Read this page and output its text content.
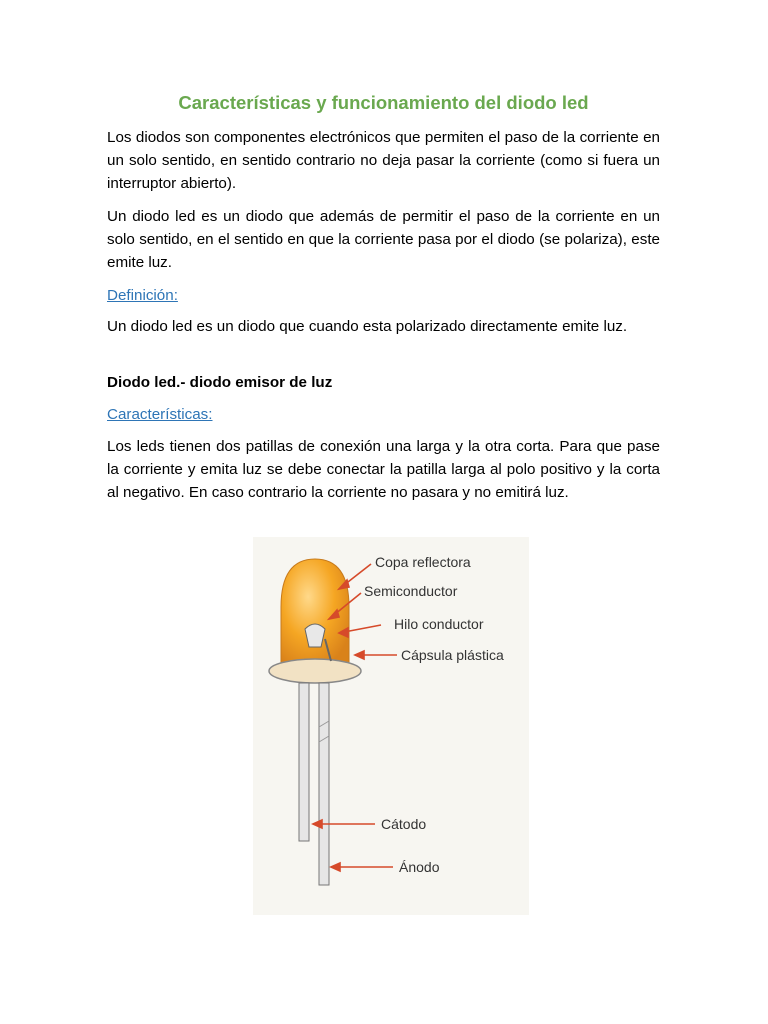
Características y funcionamiento del diodo led
Los diodos son componentes electrónicos que permiten el paso de la corriente en un solo sentido, en sentido contrario no deja pasar la corriente (como si fuera un interruptor abierto).
Un diodo led es un diodo que además de permitir el paso de la corriente en un solo sentido, en el sentido en que la corriente pasa por el diodo (se polariza), este emite luz.
Definición:
Un diodo led es un diodo que cuando esta polarizado directamente emite luz.
Diodo led.- diodo emisor de luz
Características:
Los leds tienen dos patillas de conexión una larga y la otra corta. Para que pase la corriente y emita luz se debe conectar la patilla larga al polo positivo y la corta al negativo. En caso contrario la corriente no pasara y no emitirá luz.
Copa reflectora
Semiconductor
Hilo conductor
Cápsula plástica
Cátodo
Ánodo
